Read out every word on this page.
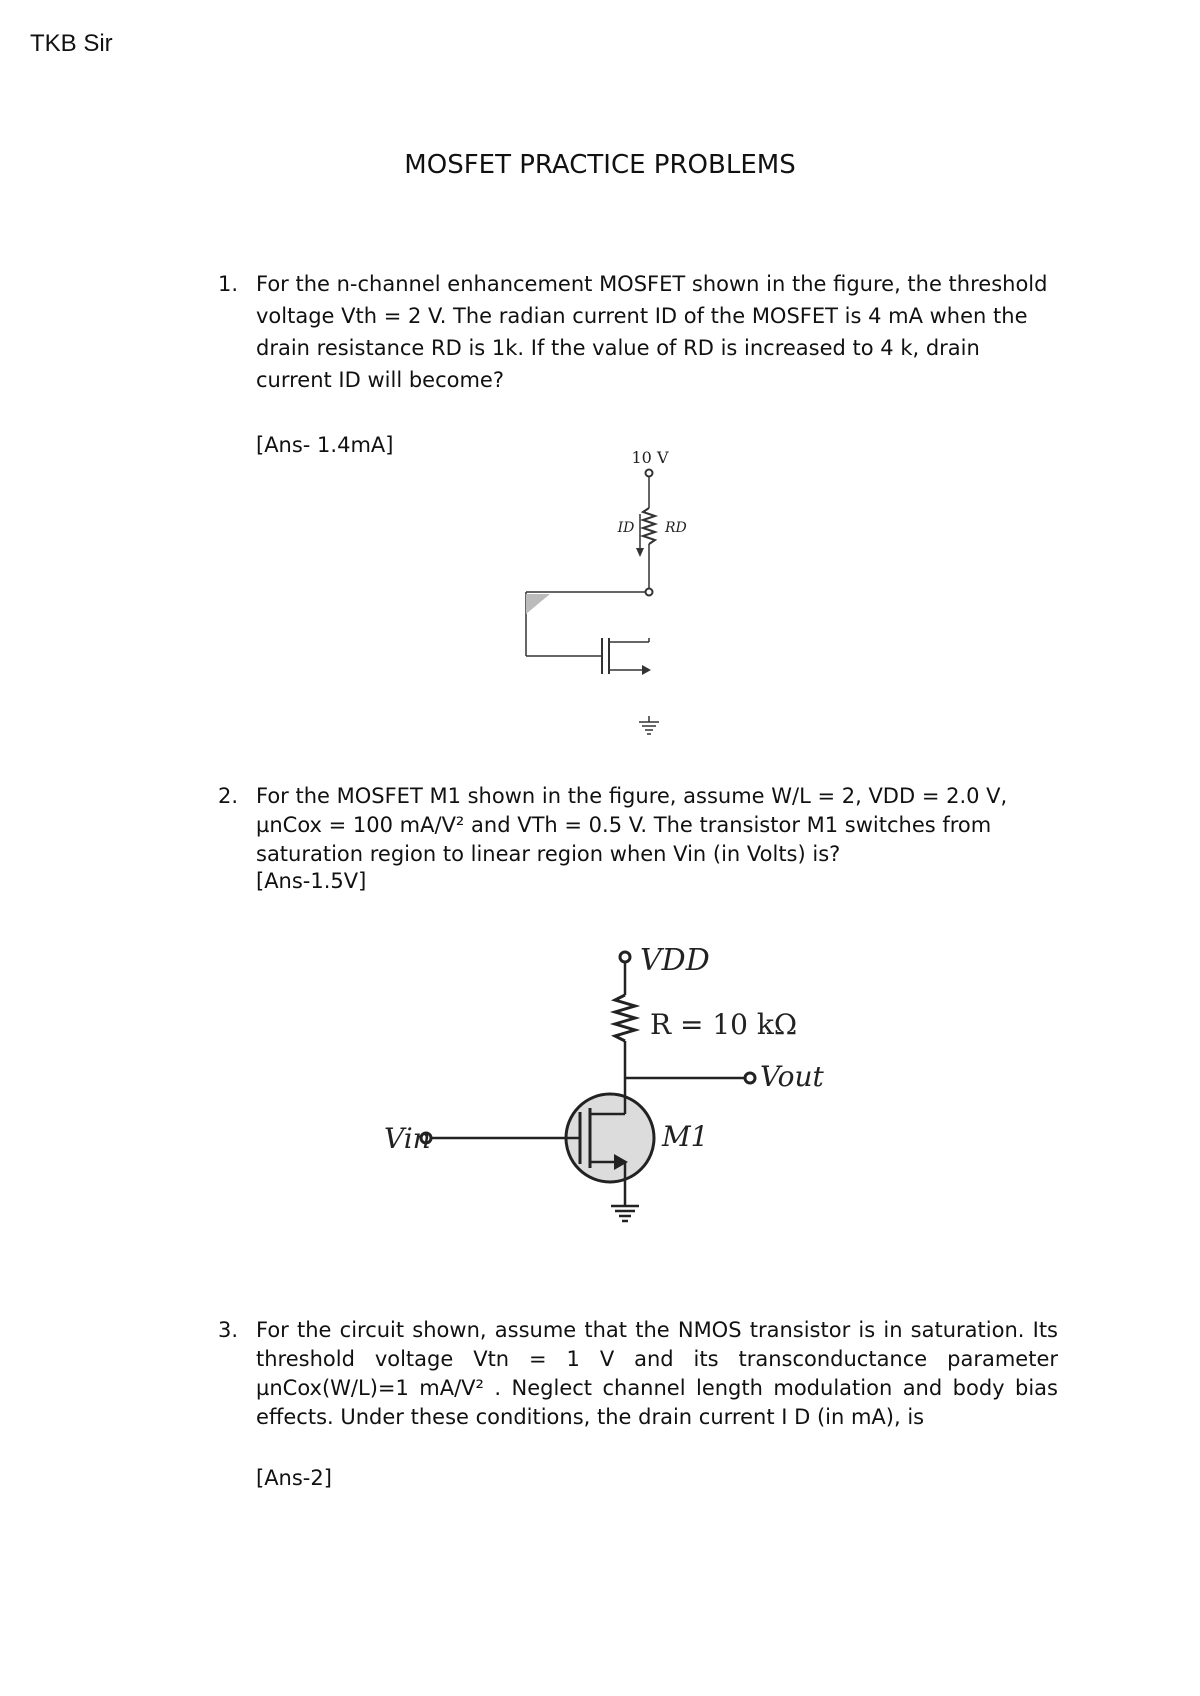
TKB Sir
MOSFET PRACTICE PROBLEMS
1. For the n-channel enhancement MOSFET shown in the figure, the threshold voltage Vth = 2 V. The radian current ID of the MOSFET is 4 mA when the drain resistance RD is 1k. If the value of RD is increased to 4 k, drain current ID will become?
[Ans- 1.4mA]
10 V
ID RD
2. For the MOSFET M1 shown in the figure, assume W/L = 2, VDD = 2.0 V, µnCox = 100 mA/V² and VTh = 0.5 V. The transistor M1 switches from saturation region to linear region when Vin (in Volts) is?
[Ans-1.5V]
VDD
R = 10 kΩ
Vout
Vin	M1
3. For the circuit shown, assume that the NMOS transistor is in saturation. Its threshold voltage Vtn = 1 V and its transconductance parameter µnCox(W/L)=1 mA/V² . Neglect channel length modulation and body bias effects. Under these conditions, the drain current I D (in mA), is
[Ans-2]
